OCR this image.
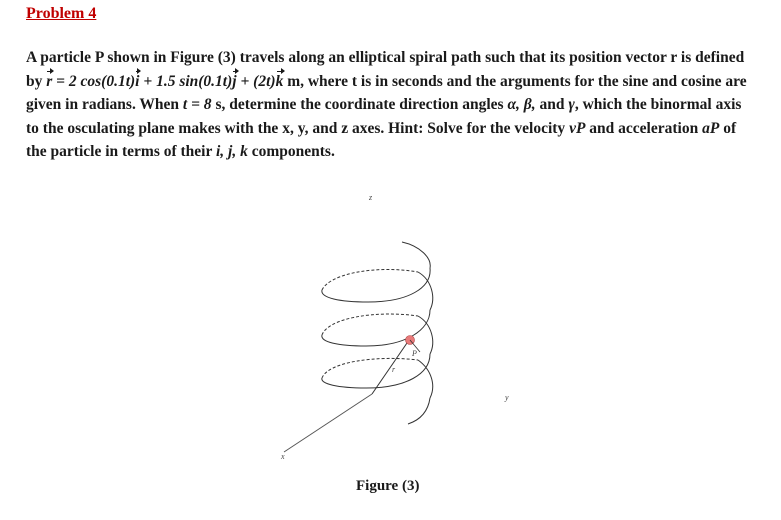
Problem 4

A particle P shown in Figure (3) travels along an elliptical spiral path such that its position vector r is defined by r = 2 cos(0.1t)i + 1.5 sin(0.1t)j + (2t)k m, where t is in seconds and the arguments for the sine and cosine are given in radians. When t = 8 s, determine the coordinate direction angles α, β, and γ, which the binormal axis to the osculating plane makes with the x, y, and z axes. Hint: Solve for the velocity vP and acceleration aP of the particle in terms of their i, j, k components.

z
y
x
r
P

Figure (3)
